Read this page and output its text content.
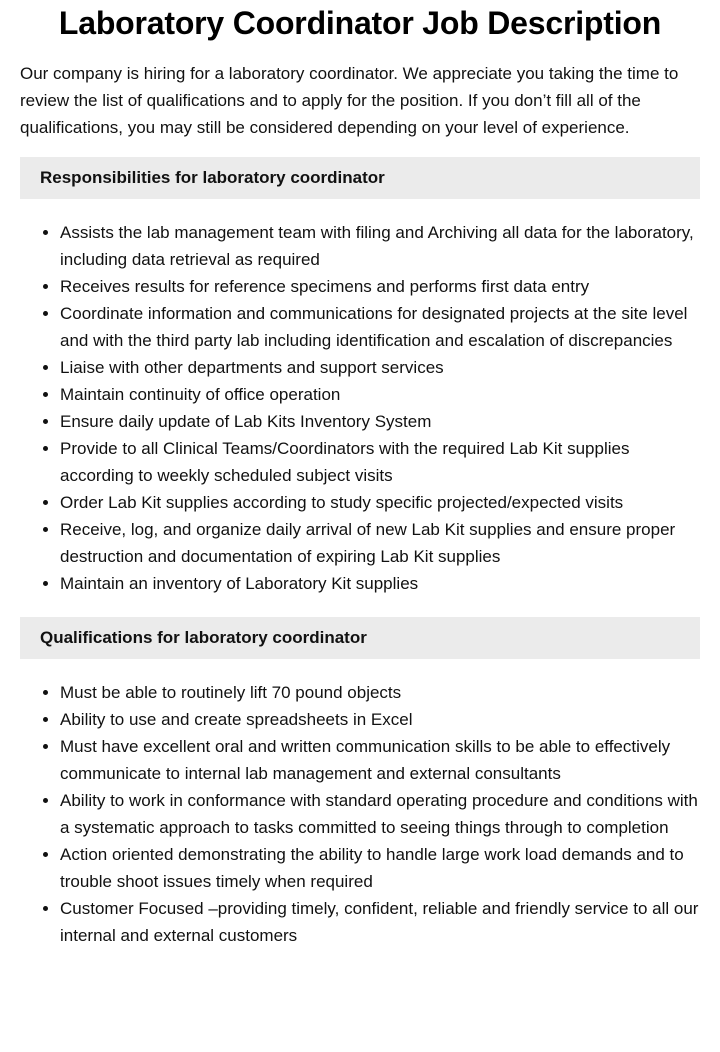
Laboratory Coordinator Job Description

Our company is hiring for a laboratory coordinator. We appreciate you taking the time to review the list of qualifications and to apply for the position. If you don’t fill all of the qualifications, you may still be considered depending on your level of experience.

Responsibilities for laboratory coordinator
• Assists the lab management team with filing and Archiving all data for the laboratory, including data retrieval as required
• Receives results for reference specimens and performs first data entry
• Coordinate information and communications for designated projects at the site level and with the third party lab including identification and escalation of discrepancies
• Liaise with other departments and support services
• Maintain continuity of office operation
• Ensure daily update of Lab Kits Inventory System
• Provide to all Clinical Teams/Coordinators with the required Lab Kit supplies according to weekly scheduled subject visits
• Order Lab Kit supplies according to study specific projected/expected visits
• Receive, log, and organize daily arrival of new Lab Kit supplies and ensure proper destruction and documentation of expiring Lab Kit supplies
• Maintain an inventory of Laboratory Kit supplies
Qualifications for laboratory coordinator
• Must be able to routinely lift 70 pound objects
• Ability to use and create spreadsheets in Excel
• Must have excellent oral and written communication skills to be able to effectively communicate to internal lab management and external consultants
• Ability to work in conformance with standard operating procedure and conditions with a systematic approach to tasks committed to seeing things through to completion
• Action oriented demonstrating the ability to handle large work load demands and to trouble shoot issues timely when required
• Customer Focused –providing timely, confident, reliable and friendly service to all our internal and external customers
